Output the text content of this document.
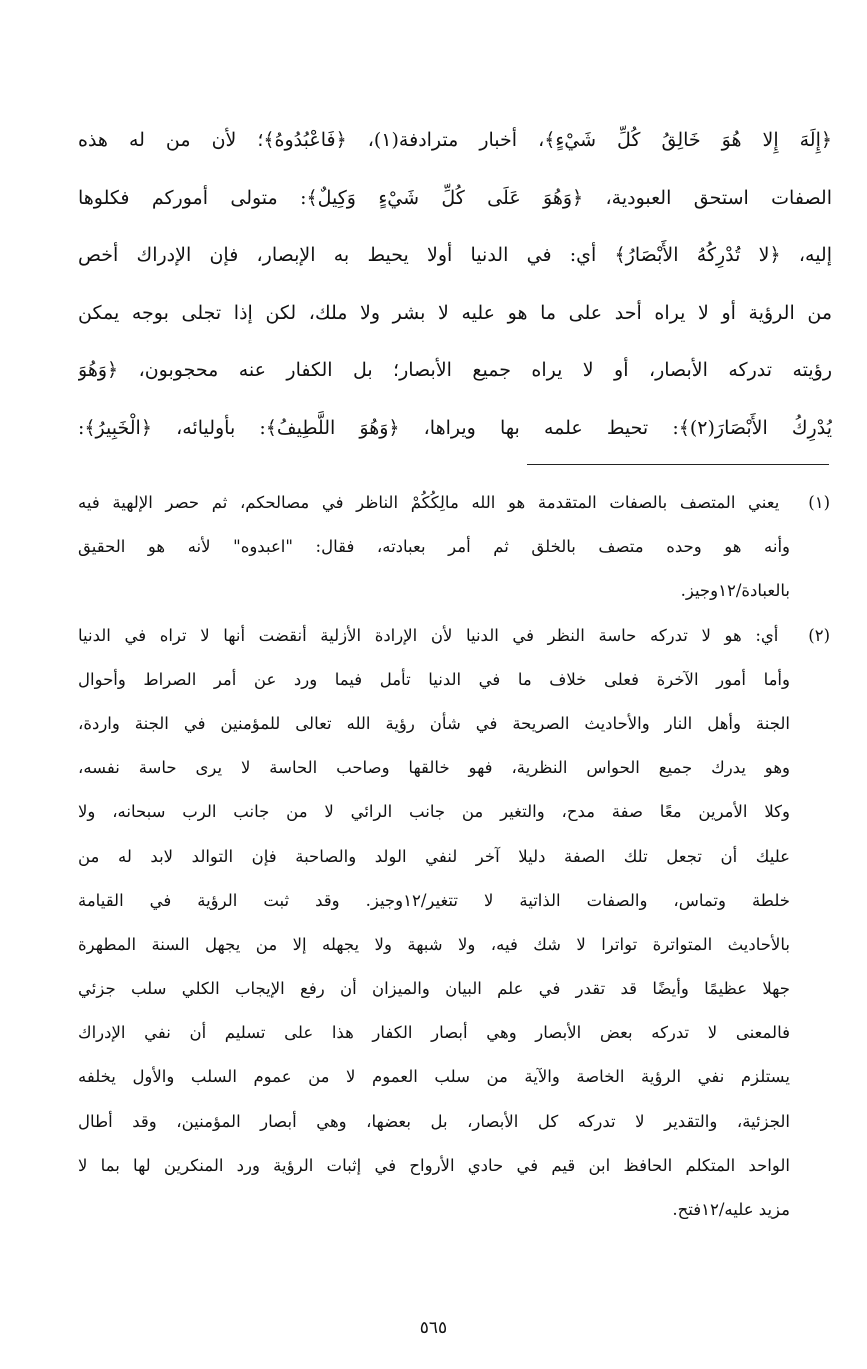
﴿إِلَهَ إِلا هُوَ خَالِقُ كُلِّ شَيْءٍ﴾، أخبار مترادفة(١)، ﴿فَاعْبُدُوهُ﴾؛ لأن من له هذه
الصفات استحق العبودية، ﴿وَهُوَ عَلَى كُلِّ شَيْءٍ وَكِيلٌ﴾: متولى أموركم فكلوها
إليه، ﴿لا تُدْرِكُهُ الأَبْصَارُ﴾ أي: في الدنيا أولا يحيط به الإبصار، فإن الإدراك أخص
من الرؤية أو لا يراه أحد على ما هو عليه لا بشر ولا ملك، لكن إذا تجلى بوجه يمكن
رؤيته تدركه الأبصار، أو لا يراه جميع الأبصار؛ بل الكفار عنه محجوبون، ﴿وَهُوَ
يُدْرِكُ الأَبْصَارَ(٢)﴾: تحيط علمه بها ويراها، ﴿وَهُوَ اللَّطِيفُ﴾: بأوليائه، ﴿الْخَبِيرُ﴾:
(١) يعني المتصف بالصفات المتقدمة هو الله مالِكُكُمْ الناظر في مصالحكم، ثم حصر الإلهية فيه
وأنه هو وحده متصف بالخلق ثم أمر بعبادته، فقال: "اعبدوه" لأنه هو الحقيق
بالعبادة/١٢وجيز.
(٢) أي: هو لا تدركه حاسة النظر في الدنيا لأن الإرادة الأزلية أنقضت أنها لا تراه في الدنيا
وأما أمور الآخرة فعلى خلاف ما في الدنيا تأمل فيما ورد عن أمر الصراط وأحوال
الجنة وأهل النار والأحاديث الصريحة في شأن رؤية الله تعالى للمؤمنين في الجنة واردة،
وهو يدرك جميع الحواس النظرية، فهو خالقها وصاحب الحاسة لا يرى حاسة نفسه،
وكلا الأمرين معًا صفة مدح، والتغير من جانب الرائي لا من جانب الرب سبحانه، ولا
عليك أن تجعل تلك الصفة دليلا آخر لنفي الولد والصاحبة فإن التوالد لابد له من
خلطة وتماس، والصفات الذاتية لا تتغير/١٢وجيز. وقد ثبت الرؤية في القيامة
بالأحاديث المتواترة تواترا لا شك فيه، ولا شبهة ولا يجهله إلا من يجهل السنة المطهرة
جهلا عظيمًا وأيضًا قد تقدر في علم البيان والميزان أن رفع الإيجاب الكلي سلب جزئي
فالمعنى لا تدركه بعض الأبصار وهي أبصار الكفار هذا على تسليم أن نفي الإدراك
يستلزم نفي الرؤية الخاصة والآية من سلب العموم لا من عموم السلب والأول يخلفه
الجزئية، والتقدير لا تدركه كل الأبصار، بل بعضها، وهي أبصار المؤمنين، وقد أطال
الواحد المتكلم الحافظ ابن قيم في حادي الأرواح في إثبات الرؤية ورد المنكرين لها بما لا
مزيد عليه/١٢فتح.
٥٦٥
